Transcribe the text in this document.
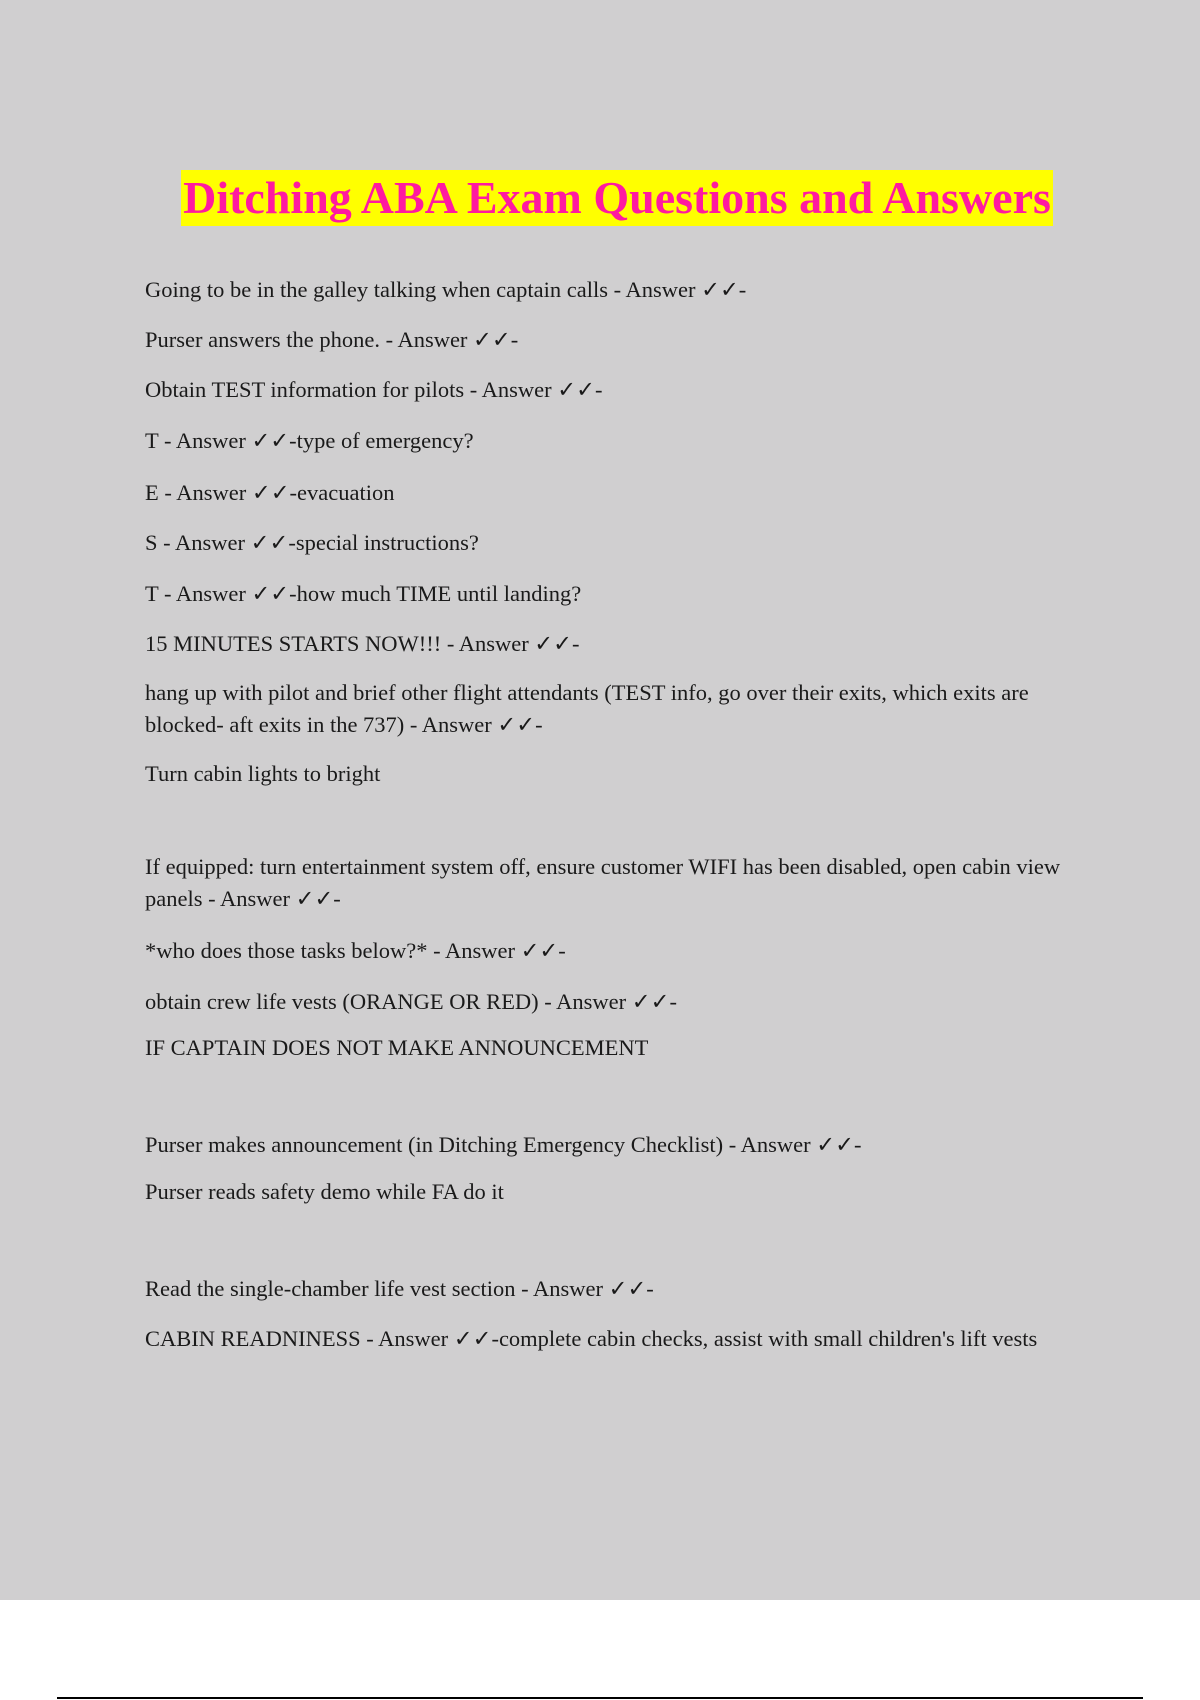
Ditching ABA Exam Questions and Answers

Going to be in the galley talking when captain calls - Answer ✓✓-

Purser answers the phone. - Answer ✓✓-

Obtain TEST information for pilots - Answer ✓✓-

T - Answer ✓✓-type of emergency?

E - Answer ✓✓-evacuation

S - Answer ✓✓-special instructions?

T - Answer ✓✓-how much TIME until landing?

15 MINUTES STARTS NOW!!! - Answer ✓✓-

hang up with pilot and brief other flight attendants (TEST info, go over their exits, which exits are blocked- aft exits in the 737) - Answer ✓✓-

Turn cabin lights to bright

If equipped: turn entertainment system off, ensure customer WIFI has been disabled, open cabin view panels - Answer ✓✓-

*who does those tasks below?* - Answer ✓✓-

obtain crew life vests (ORANGE OR RED) - Answer ✓✓-

IF CAPTAIN DOES NOT MAKE ANNOUNCEMENT

Purser makes announcement (in Ditching Emergency Checklist) - Answer ✓✓-

Purser reads safety demo while FA do it

Read the single-chamber life vest section - Answer ✓✓-

CABIN READNINESS - Answer ✓✓-complete cabin checks, assist with small children's lift vests
